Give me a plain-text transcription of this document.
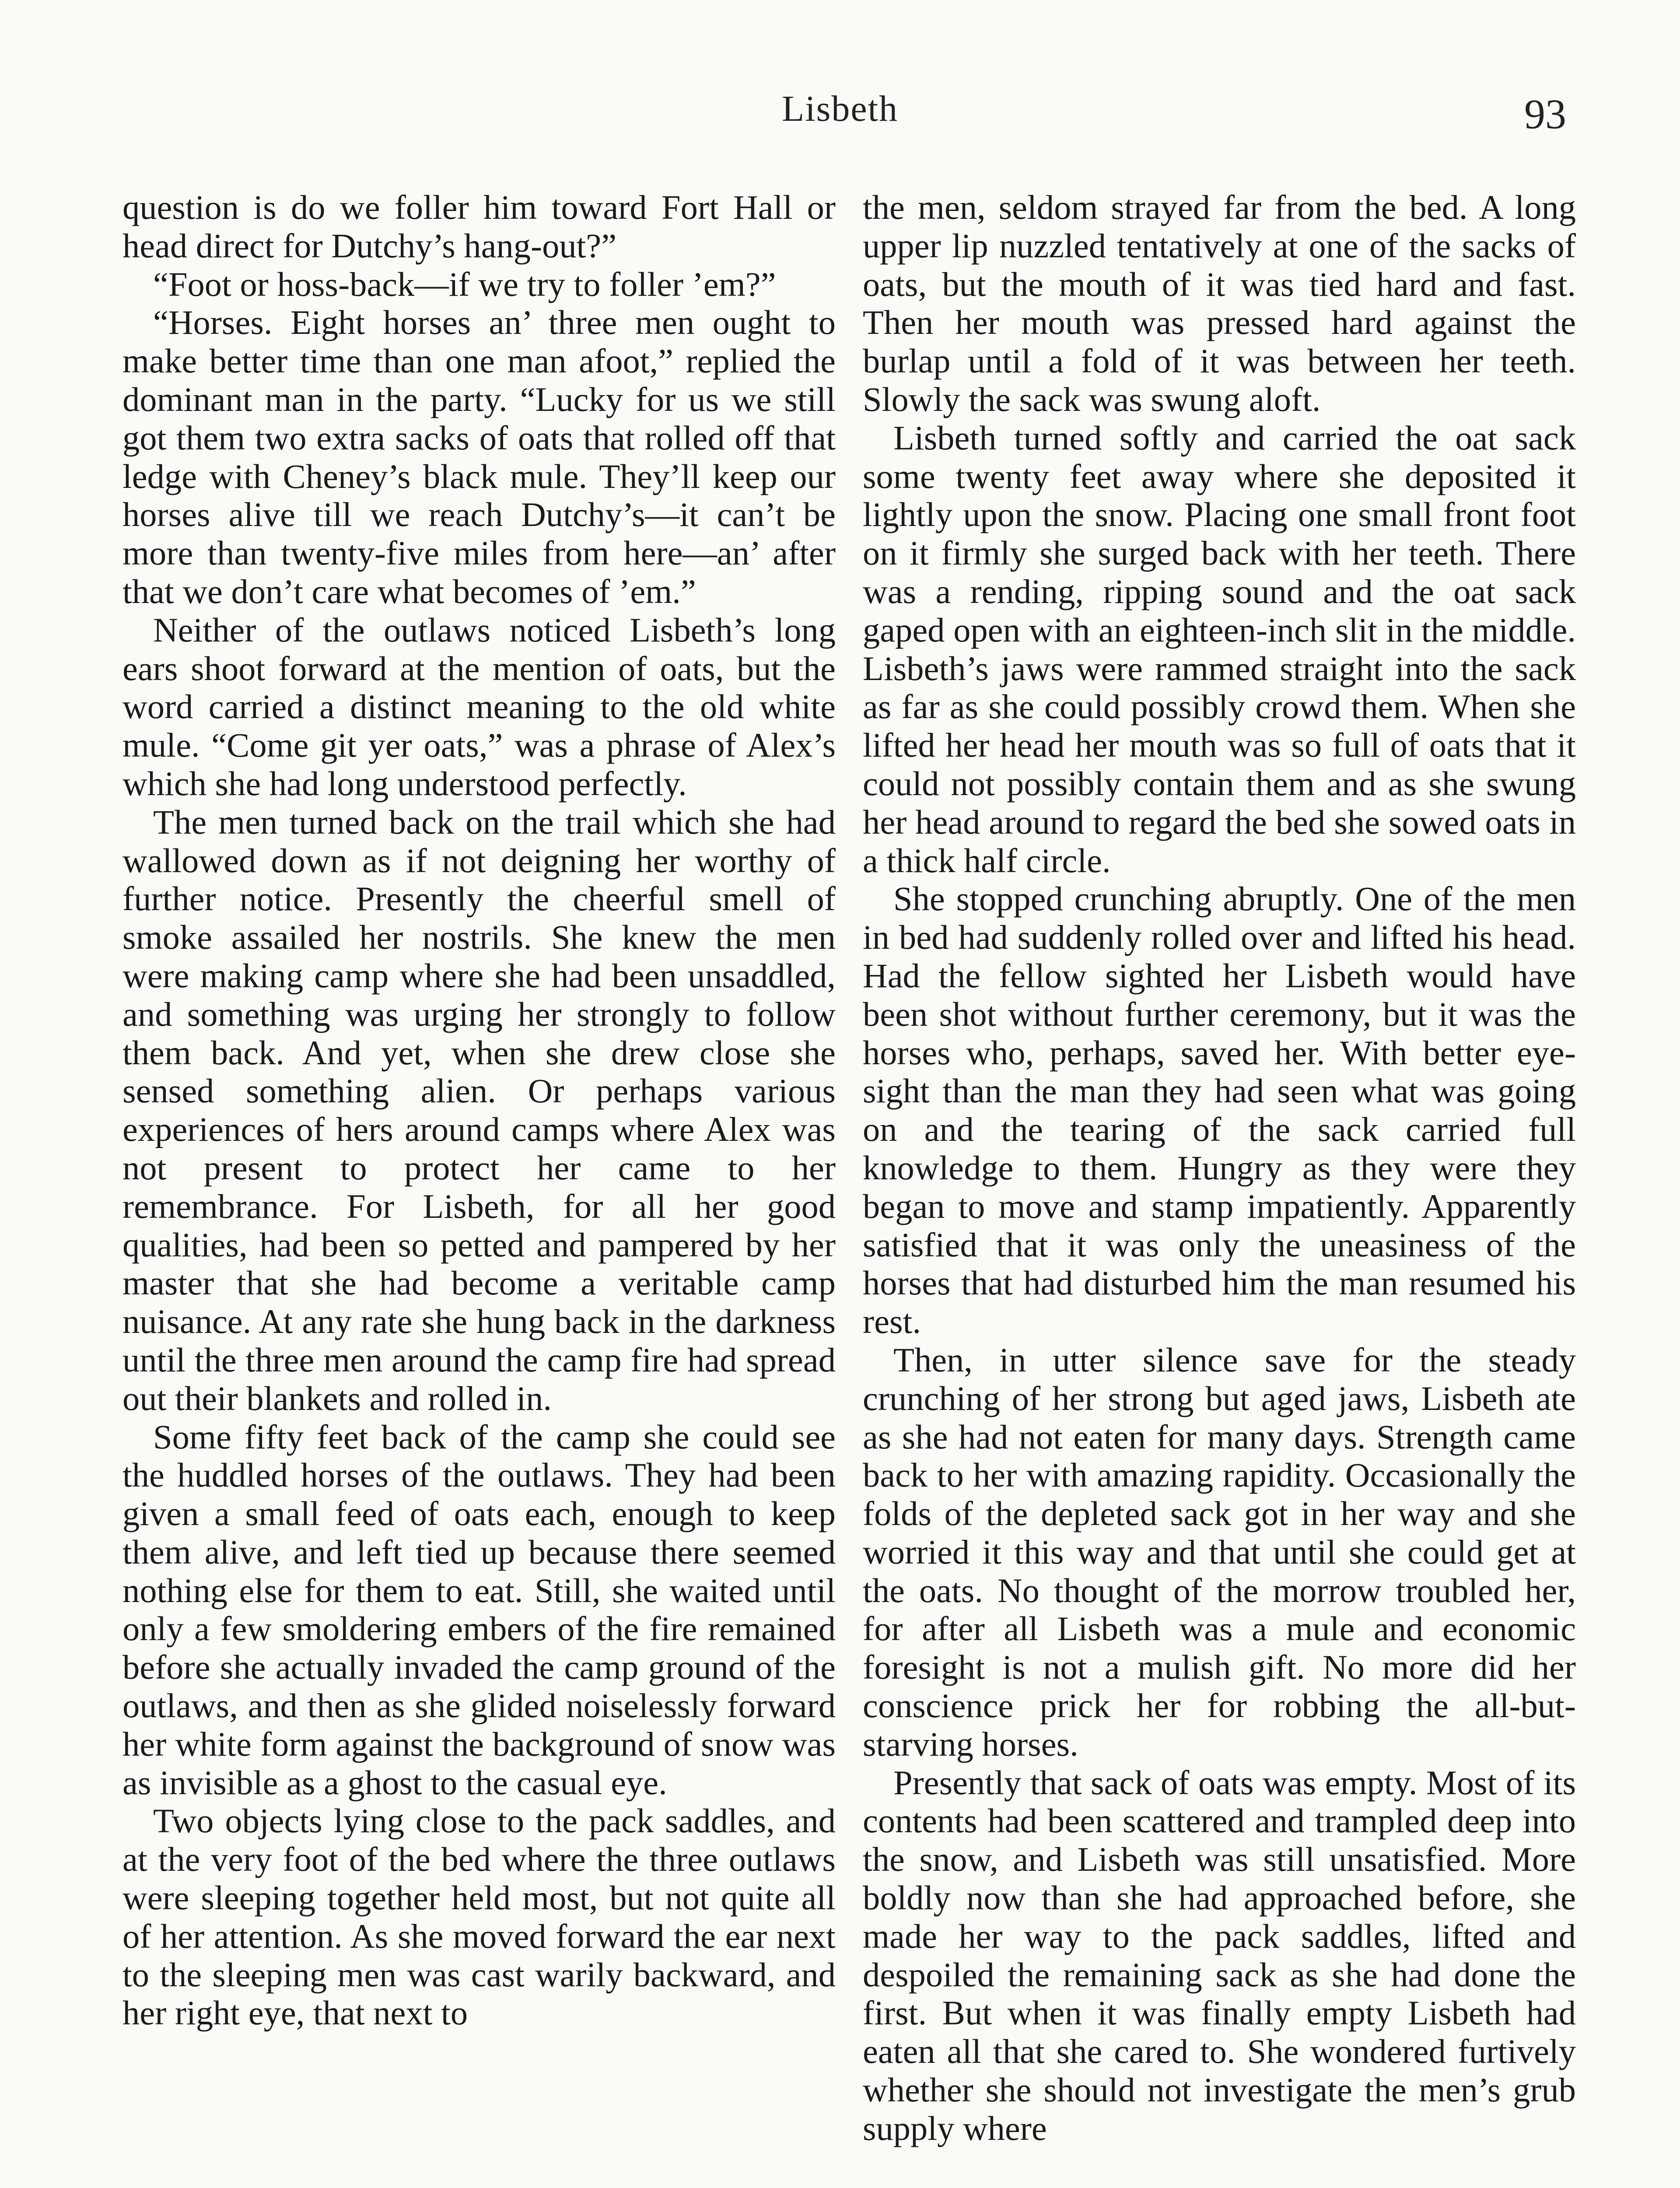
Lisbeth	93

question is do we foller him toward Fort Hall or head direct for Dutchy’s hang-out?”

“Foot or hoss-back—if we try to foller ’em?”

“Horses. Eight horses an’ three men ought to make better time than one man afoot,” replied the dominant man in the party. “Lucky for us we still got them two extra sacks of oats that rolled off that ledge with Cheney’s black mule. They’ll keep our horses alive till we reach Dutchy’s—it can’t be more than twenty-five miles from here—an’ after that we don’t care what becomes of ’em.”

Neither of the outlaws noticed Lisbeth’s long ears shoot forward at the mention of oats, but the word carried a distinct meaning to the old white mule. “Come git yer oats,” was a phrase of Alex’s which she had long understood perfectly.

The men turned back on the trail which she had wallowed down as if not deigning her worthy of further notice. Presently the cheerful smell of smoke assailed her nostrils. She knew the men were making camp where she had been unsaddled, and something was urging her strongly to follow them back. And yet, when she drew close she sensed something alien. Or perhaps various experiences of hers around camps where Alex was not present to protect her came to her remembrance. For Lisbeth, for all her good qualities, had been so petted and pampered by her master that she had become a veritable camp nuisance. At any rate she hung back in the darkness until the three men around the camp fire had spread out their blankets and rolled in.

Some fifty feet back of the camp she could see the huddled horses of the outlaws. They had been given a small feed of oats each, enough to keep them alive, and left tied up because there seemed nothing else for them to eat. Still, she waited until only a few smoldering embers of the fire remained before she actually invaded the camp ground of the outlaws, and then as she glided noiselessly forward her white form against the background of snow was as invisible as a ghost to the casual eye.

Two objects lying close to the pack saddles, and at the very foot of the bed where the three outlaws were sleeping together held most, but not quite all of her attention. As she moved forward the ear next to the sleeping men was cast warily backward, and her right eye, that next to

the men, seldom strayed far from the bed. A long upper lip nuzzled tentatively at one of the sacks of oats, but the mouth of it was tied hard and fast. Then her mouth was pressed hard against the burlap until a fold of it was between her teeth. Slowly the sack was swung aloft.

Lisbeth turned softly and carried the oat sack some twenty feet away where she deposited it lightly upon the snow. Placing one small front foot on it firmly she surged back with her teeth. There was a rending, ripping sound and the oat sack gaped open with an eighteen-inch slit in the middle. Lisbeth’s jaws were rammed straight into the sack as far as she could possibly crowd them. When she lifted her head her mouth was so full of oats that it could not possibly contain them and as she swung her head around to regard the bed she sowed oats in a thick half circle.

She stopped crunching abruptly. One of the men in bed had suddenly rolled over and lifted his head. Had the fellow sighted her Lisbeth would have been shot without further ceremony, but it was the horses who, perhaps, saved her. With better eye-sight than the man they had seen what was going on and the tearing of the sack carried full knowledge to them. Hungry as they were they began to move and stamp impatiently. Apparently satisfied that it was only the uneasiness of the horses that had disturbed him the man resumed his rest.

Then, in utter silence save for the steady crunching of her strong but aged jaws, Lisbeth ate as she had not eaten for many days. Strength came back to her with amazing rapidity. Occasionally the folds of the depleted sack got in her way and she worried it this way and that until she could get at the oats. No thought of the morrow troubled her, for after all Lisbeth was a mule and economic foresight is not a mulish gift. No more did her conscience prick her for robbing the all-but-starving horses.

Presently that sack of oats was empty. Most of its contents had been scattered and trampled deep into the snow, and Lisbeth was still unsatisfied. More boldly now than she had approached before, she made her way to the pack saddles, lifted and despoiled the remaining sack as she had done the first. But when it was finally empty Lisbeth had eaten all that she cared to. She wondered furtively whether she should not investigate the men’s grub supply where
